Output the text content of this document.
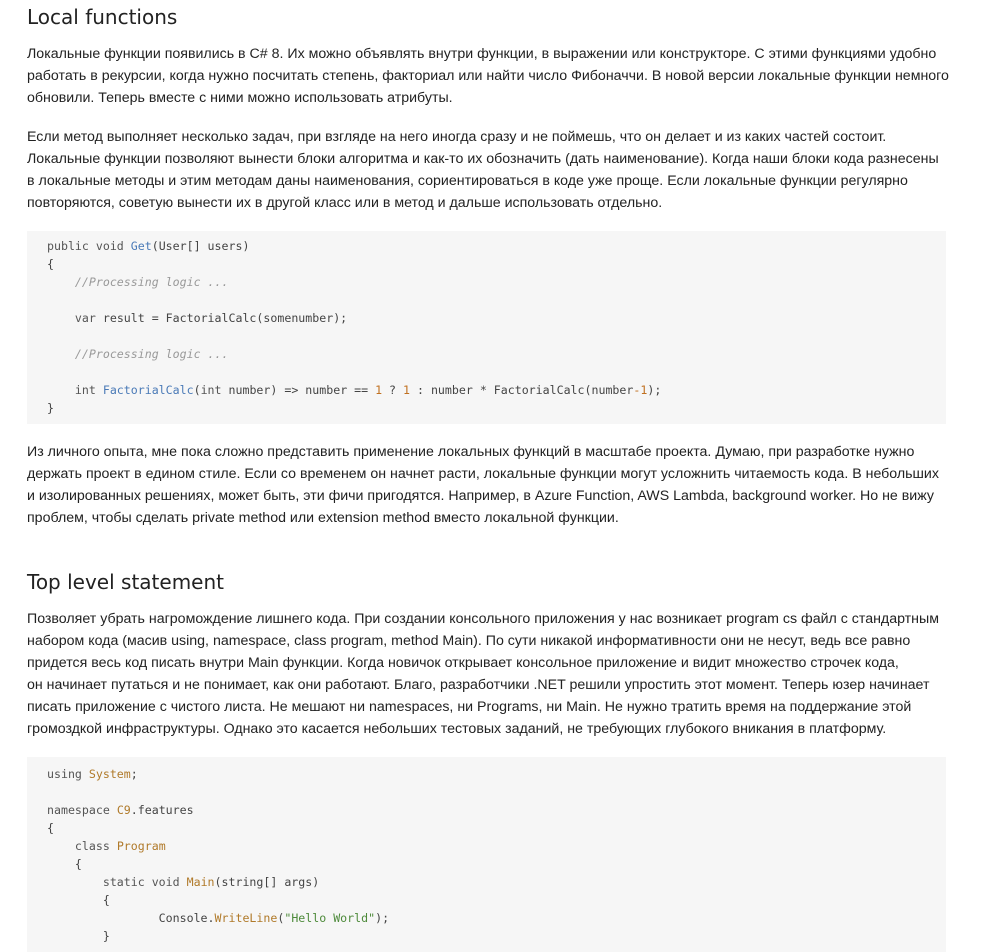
Local functions

Локальные функции появились в C# 8. Их можно объявлять внутри функции, в выражении или конструкторе. С этими функциями удобно
работать в рекурсии, когда нужно посчитать степень, факториал или найти число Фибоначчи. В новой версии локальные функции немного
обновили. Теперь вместе с ними можно использовать атрибуты.

Если метод выполняет несколько задач, при взгляде на него иногда сразу и не поймешь, что он делает и из каких частей состоит.
Локальные функции позволяют вынести блоки алгоритма и как-то их обозначить (дать наименование). Когда наши блоки кода разнесены
в локальные методы и этим методам даны наименования, сориентироваться в коде уже проще. Если локальные функции регулярно
повторяются, советую вынести их в другой класс или в метод и дальше использовать отдельно.

public void Get(User[] users)
{
//Processing logic ...
var result = FactorialCalc(somenumber);
//Processing logic ...
int FactorialCalc(int number) => number == 1 ? 1 : number * FactorialCalc(number-1);
}

Из личного опыта, мне пока сложно представить применение локальных функций в масштабе проекта. Думаю, при разработке нужно
держать проект в едином стиле. Если со временем он начнет расти, локальные функции могут усложнить читаемость кода. В небольших
и изолированных решениях, может быть, эти фичи пригодятся. Например, в Azure Function, AWS Lambda, background worker. Но не вижу
проблем, чтобы сделать private method или extension method вместо локальной функции.

Top level statement

Позволяет убрать нагромождение лишнего кода. При создании консольного приложения у нас возникает program cs файл с стандартным
набором кода (масив using, namespace, class program, method Main). По сути никакой информативности они не несут, ведь все равно
придется весь код писать внутри Main функции. Когда новичок открывает консольное приложение и видит множество строчек кода,
он начинает путаться и не понимает, как они работают. Благо, разработчики .NET решили упростить этот момент. Теперь юзер начинает
писать приложение с чистого листа. Не мешают ни namespaces, ни Programs, ни Main. Не нужно тратить время на поддержание этой
громоздкой инфраструктуры. Однако это касается небольших тестовых заданий, не требующих глубокого вникания в платформу.

using System;
namespace C9.features
{
class Program
{
static void Main(string[] args)
{
Console.WriteLine("Hello World");
}
